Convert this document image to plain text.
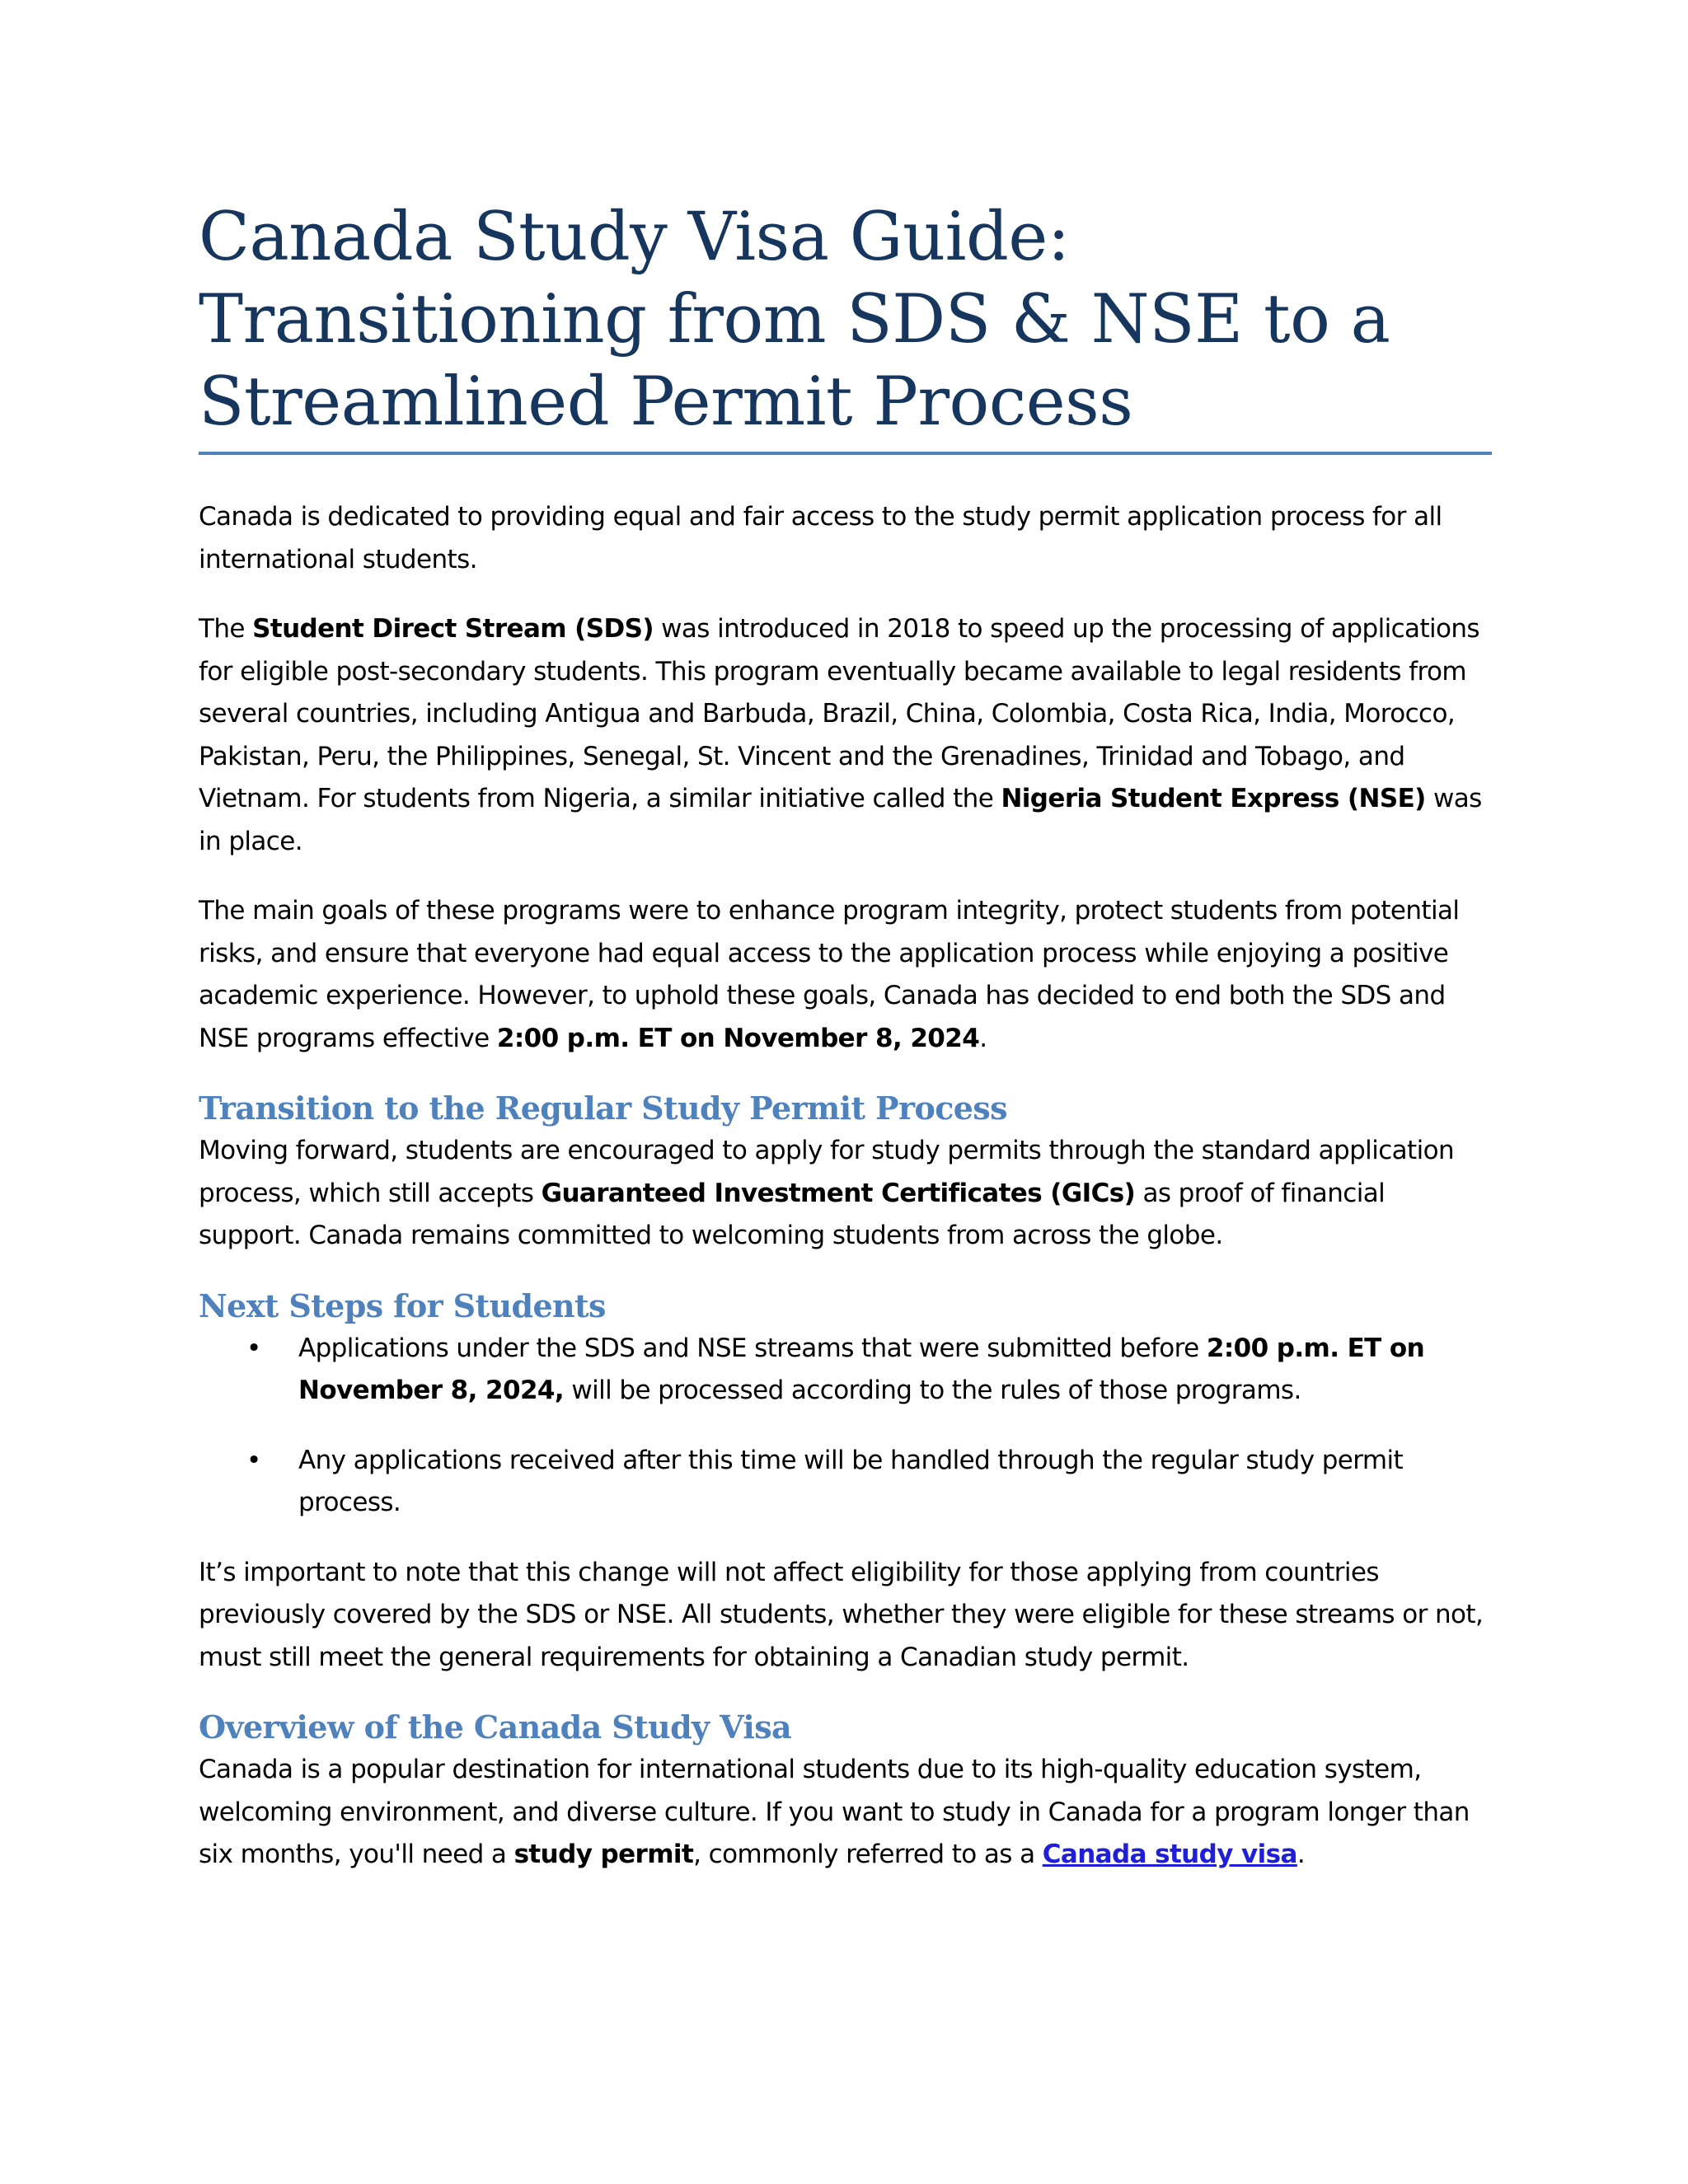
Canada Study Visa Guide: Transitioning from SDS & NSE to a Streamlined Permit Process

Canada is dedicated to providing equal and fair access to the study permit application process for all international students.

The Student Direct Stream (SDS) was introduced in 2018 to speed up the processing of applications for eligible post-secondary students. This program eventually became available to legal residents from several countries, including Antigua and Barbuda, Brazil, China, Colombia, Costa Rica, India, Morocco, Pakistan, Peru, the Philippines, Senegal, St. Vincent and the Grenadines, Trinidad and Tobago, and Vietnam. For students from Nigeria, a similar initiative called the Nigeria Student Express (NSE) was in place.

The main goals of these programs were to enhance program integrity, protect students from potential risks, and ensure that everyone had equal access to the application process while enjoying a positive academic experience. However, to uphold these goals, Canada has decided to end both the SDS and NSE programs effective 2:00 p.m. ET on November 8, 2024.

Transition to the Regular Study Permit Process

Moving forward, students are encouraged to apply for study permits through the standard application process, which still accepts Guaranteed Investment Certificates (GICs) as proof of financial support. Canada remains committed to welcoming students from across the globe.

Next Steps for Students
• Applications under the SDS and NSE streams that were submitted before 2:00 p.m. ET on November 8, 2024, will be processed according to the rules of those programs.
• Any applications received after this time will be handled through the regular study permit process.

It’s important to note that this change will not affect eligibility for those applying from countries previously covered by the SDS or NSE. All students, whether they were eligible for these streams or not, must still meet the general requirements for obtaining a Canadian study permit.

Overview of the Canada Study Visa

Canada is a popular destination for international students due to its high-quality education system, welcoming environment, and diverse culture. If you want to study in Canada for a program longer than six months, you'll need a study permit, commonly referred to as a Canada study visa.
